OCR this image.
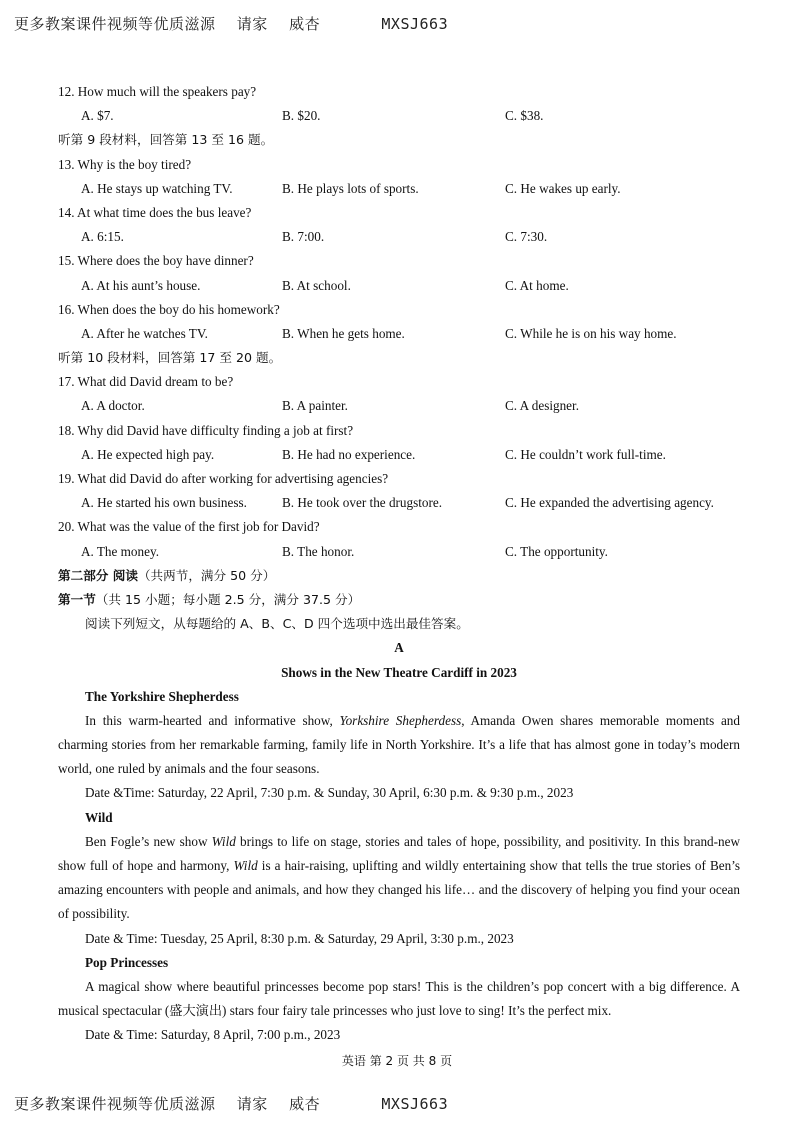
更多教案课件视频等优质滋源 请家 威杏	MXSJ663
12. How much will the speakers pay?
A. $7.	B. $20.	C. $38.
听第 9 段材料，回答第 13 至 16 题。
13. Why is the boy tired?
A. He stays up watching TV.	B. He plays lots of sports.	C. He wakes up early.
14. At what time does the bus leave?
A. 6:15.	B. 7:00.	C. 7:30.
15. Where does the boy have dinner?
A. At his aunt’s house.	B. At school.	C. At home.
16. When does the boy do his homework?
A. After he watches TV.	B. When he gets home.	C. While he is on his way home.
听第 10 段材料，回答第 17 至 20 题。
17. What did David dream to be?
A. A doctor.	B. A painter.	C. A designer.
18. Why did David have difficulty finding a job at first?
A. He expected high pay.	B. He had no experience.	C. He couldn’t work full-time.
19. What did David do after working for advertising agencies?
A. He started his own business.	B. He took over the drugstore.	C. He expanded the advertising agency.
20. What was the value of the first job for David?
A. The money.	B. The honor.	C. The opportunity.
第二部分 阅读（共两节，满分 50 分）
第一节（共 15 小题；每小题 2.5 分，满分 37.5 分）
阅读下列短文，从每题给的 A、B、C、D 四个选项中选出最佳答案。
A
Shows in the New Theatre Cardiff in 2023
The Yorkshire Shepherdess
In this warm-hearted and informative show, Yorkshire Shepherdess, Amanda Owen shares memorable moments and charming stories from her remarkable farming, family life in North Yorkshire. It’s a life that has almost gone in today’s modern world, one ruled by animals and the four seasons.
Date &Time: Saturday, 22 April, 7:30 p.m. & Sunday, 30 April, 6:30 p.m. & 9:30 p.m., 2023
Wild
Ben Fogle’s new show Wild brings to life on stage, stories and tales of hope, possibility, and positivity. In this brand-new show full of hope and harmony, Wild is a hair-raising, uplifting and wildly entertaining show that tells the true stories of Ben’s amazing encounters with people and animals, and how they changed his life… and the discovery of helping you find your ocean of possibility.
Date & Time: Tuesday, 25 April, 8:30 p.m. & Saturday, 29 April, 3:30 p.m., 2023
Pop Princesses
A magical show where beautiful princesses become pop stars! This is the children’s pop concert with a big difference. A musical spectacular (盛大演出) stars four fairy tale princesses who just love to sing! It’s the perfect mix.
Date & Time: Saturday, 8 April, 7:00 p.m., 2023
英语 第 2 页 共 8 页
更多教案课件视频等优质滋源 请家 威杏	MXSJ663
